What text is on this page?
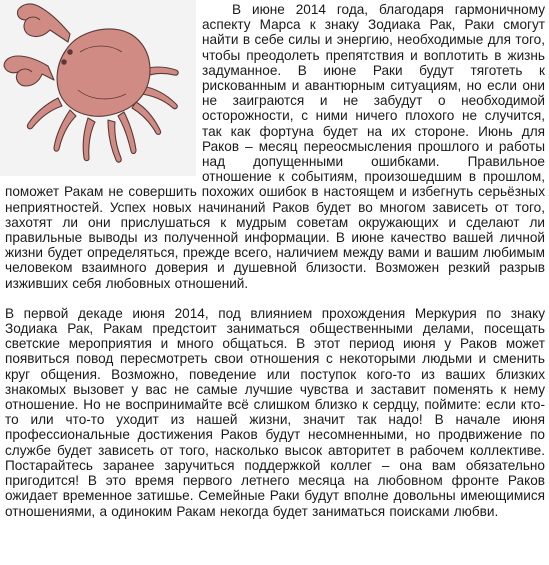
В июне 2014 года, благодаря гармоничному аспекту Марса к знаку Зодиака Рак, Раки смогут найти в себе силы и энергию, необходимые для того, чтобы преодолеть препятствия и воплотить в жизнь задуманное. В июне Раки будут тяготеть к рискованным и авантюрным ситуациям, но если они не заиграются и не забудут о необходимой осторожности, с ними ничего плохого не случится, так как фортуна будет на их стороне. Июнь для Раков – месяц переосмысления прошлого и работы над допущенными ошибками. Правильное отношение к событиям, произошедшим в прошлом, поможет Ракам не совершить похожих ошибок в настоящем и избегнуть серьёзных неприятностей. Успех новых начинаний Раков будет во многом зависеть от того, захотят ли они прислушаться к мудрым советам окружающих и сделают ли правильные выводы из полученной информации. В июне качество вашей личной жизни будет определяться, прежде всего, наличием между вами и вашим любимым человеком взаимного доверия и душевной близости. Возможен резкий разрыв изживших себя любовных отношений.

В первой декаде июня 2014, под влиянием прохождения Меркурия по знаку Зодиака Рак, Ракам предстоит заниматься общественными делами, посещать светские мероприятия и много общаться. В этот период июня у Раков может появиться повод пересмотреть свои отношения с некоторыми людьми и сменить круг общения. Возможно, поведение или поступок кого-то из ваших близких знакомых вызовет у вас не самые лучшие чувства и заставит поменять к нему отношение. Но не воспринимайте всё слишком близко к сердцу, поймите: если кто-то или что-то уходит из нашей жизни, значит так надо! В начале июня профессиональные достижения Раков будут несомненными, но продвижение по службе будет зависеть от того, насколько высок авторитет в рабочем коллективе. Постарайтесь заранее заручиться поддержкой коллег – она вам обязательно пригодится! В это время первого летнего месяца на любовном фронте Раков ожидает временное затишье. Семейные Раки будут вполне довольны имеющимися отношениями, а одиноким Ракам некогда будет заниматься поисками любви.
